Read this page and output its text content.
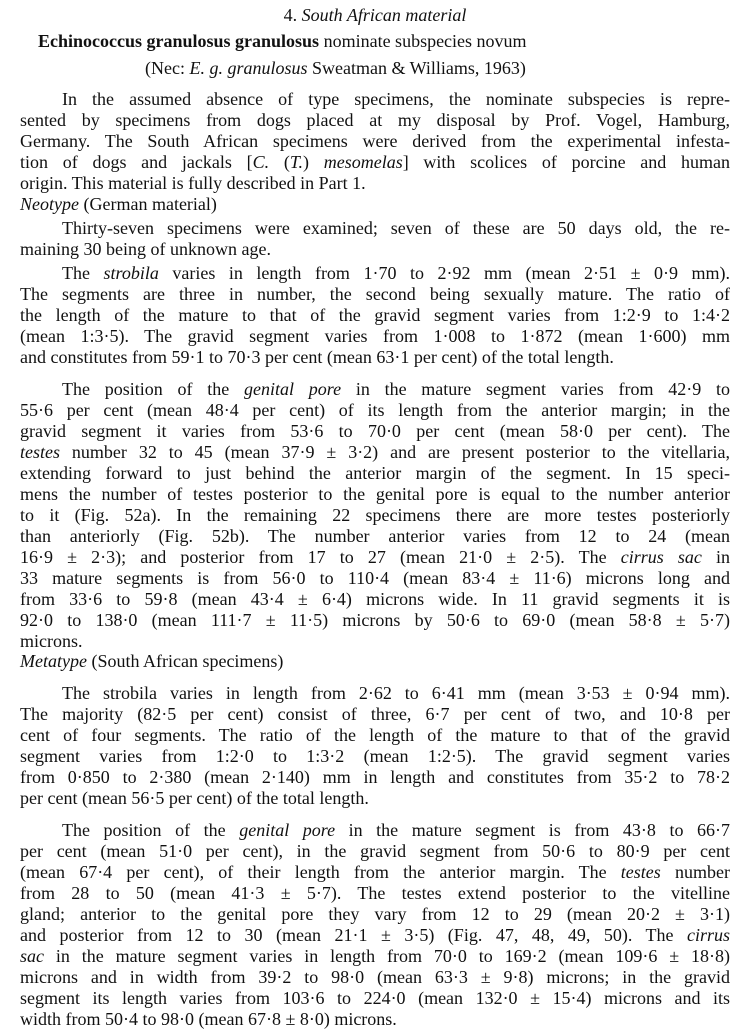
4. South African material
Echinococcus granulosus granulosus nominate subspecies novum
(Nec: E. g. granulosus Sweatman & Williams, 1963)
In the assumed absence of type specimens, the nominate subspecies is repre-
sented by specimens from dogs placed at my disposal by Prof. Vogel, Hamburg,
Germany. The South African specimens were derived from the experimental infesta-
tion of dogs and jackals [C. (T.) mesomelas] with scolices of porcine and human
origin. This material is fully described in Part 1.
Neotype (German material)
Thirty-seven specimens were examined; seven of these are 50 days old, the re-
maining 30 being of unknown age.
The strobila varies in length from 1·70 to 2·92 mm (mean 2·51 ± 0·9 mm).
The segments are three in number, the second being sexually mature. The ratio of
the length of the mature to that of the gravid segment varies from 1:2·9 to 1:4·2
(mean 1:3·5). The gravid segment varies from 1·008 to 1·872 (mean 1·600) mm
and constitutes from 59·1 to 70·3 per cent (mean 63·1 per cent) of the total length.
The position of the genital pore in the mature segment varies from 42·9 to
55·6 per cent (mean 48·4 per cent) of its length from the anterior margin; in the
gravid segment it varies from 53·6 to 70·0 per cent (mean 58·0 per cent). The
testes number 32 to 45 (mean 37·9 ± 3·2) and are present posterior to the vitellaria,
extending forward to just behind the anterior margin of the segment. In 15 speci-
mens the number of testes posterior to the genital pore is equal to the number anterior
to it (Fig. 52a). In the remaining 22 specimens there are more testes posteriorly
than anteriorly (Fig. 52b). The number anterior varies from 12 to 24 (mean
16·9 ± 2·3); and posterior from 17 to 27 (mean 21·0 ± 2·5). The cirrus sac in
33 mature segments is from 56·0 to 110·4 (mean 83·4 ± 11·6) microns long and
from 33·6 to 59·8 (mean 43·4 ± 6·4) microns wide. In 11 gravid segments it is
92·0 to 138·0 (mean 111·7 ± 11·5) microns by 50·6 to 69·0 (mean 58·8 ± 5·7)
microns.
Metatype (South African specimens)
The strobila varies in length from 2·62 to 6·41 mm (mean 3·53 ± 0·94 mm).
The majority (82·5 per cent) consist of three, 6·7 per cent of two, and 10·8 per
cent of four segments. The ratio of the length of the mature to that of the gravid
segment varies from 1:2·0 to 1:3·2 (mean 1:2·5). The gravid segment varies
from 0·850 to 2·380 (mean 2·140) mm in length and constitutes from 35·2 to 78·2
per cent (mean 56·5 per cent) of the total length.
The position of the genital pore in the mature segment is from 43·8 to 66·7
per cent (mean 51·0 per cent), in the gravid segment from 50·6 to 80·9 per cent
(mean 67·4 per cent), of their length from the anterior margin. The testes number
from 28 to 50 (mean 41·3 ± 5·7). The testes extend posterior to the vitelline
gland; anterior to the genital pore they vary from 12 to 29 (mean 20·2 ± 3·1)
and posterior from 12 to 30 (mean 21·1 ± 3·5) (Fig. 47, 48, 49, 50). The cirrus
sac in the mature segment varies in length from 70·0 to 169·2 (mean 109·6 ± 18·8)
microns and in width from 39·2 to 98·0 (mean 63·3 ± 9·8) microns; in the gravid
segment its length varies from 103·6 to 224·0 (mean 132·0 ± 15·4) microns and its
width from 50·4 to 98·0 (mean 67·8 ± 8·0) microns.
